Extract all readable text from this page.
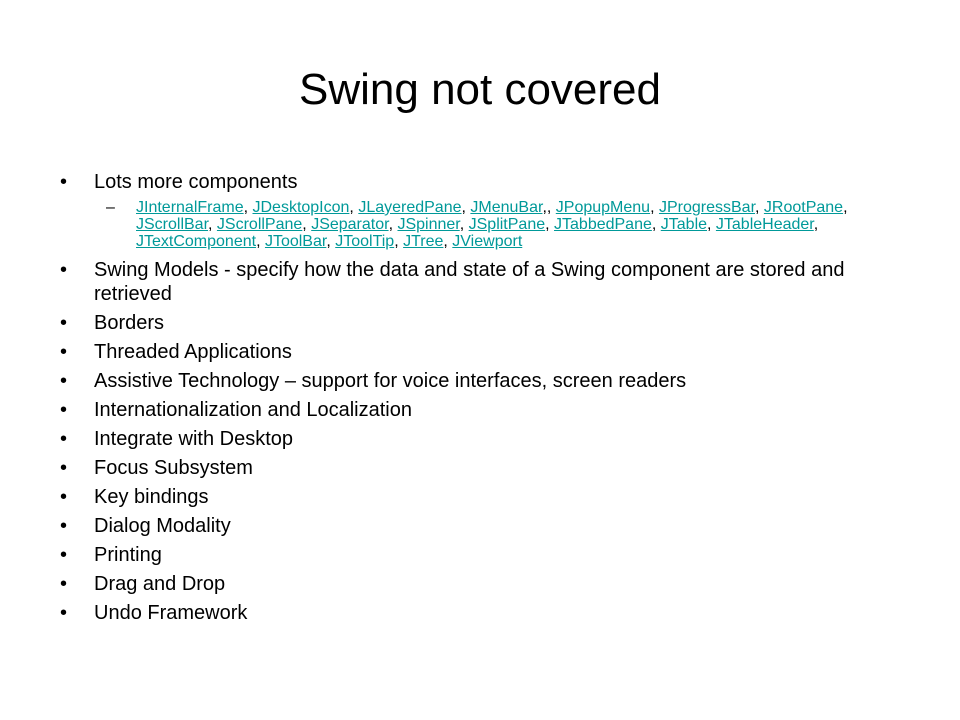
Swing not covered
•	Lots more components
–	JInternalFrame, JDesktopIcon, JLayeredPane, JMenuBar,, JPopupMenu, JProgressBar, JRootPane, JScrollBar, JScrollPane, JSeparator, JSpinner, JSplitPane, JTabbedPane, JTable, JTableHeader, JTextComponent, JToolBar, JToolTip, JTree, JViewport
•	Swing Models - specify how the data and state of a Swing component are stored and retrieved
•	Borders
•	Threaded Applications
•	Assistive Technology – support for voice interfaces, screen readers
•	Internationalization and Localization
•	Integrate with Desktop
•	Focus Subsystem
•	Key bindings
•	Dialog Modality
•	Printing
•	Drag and Drop
•	Undo Framework
